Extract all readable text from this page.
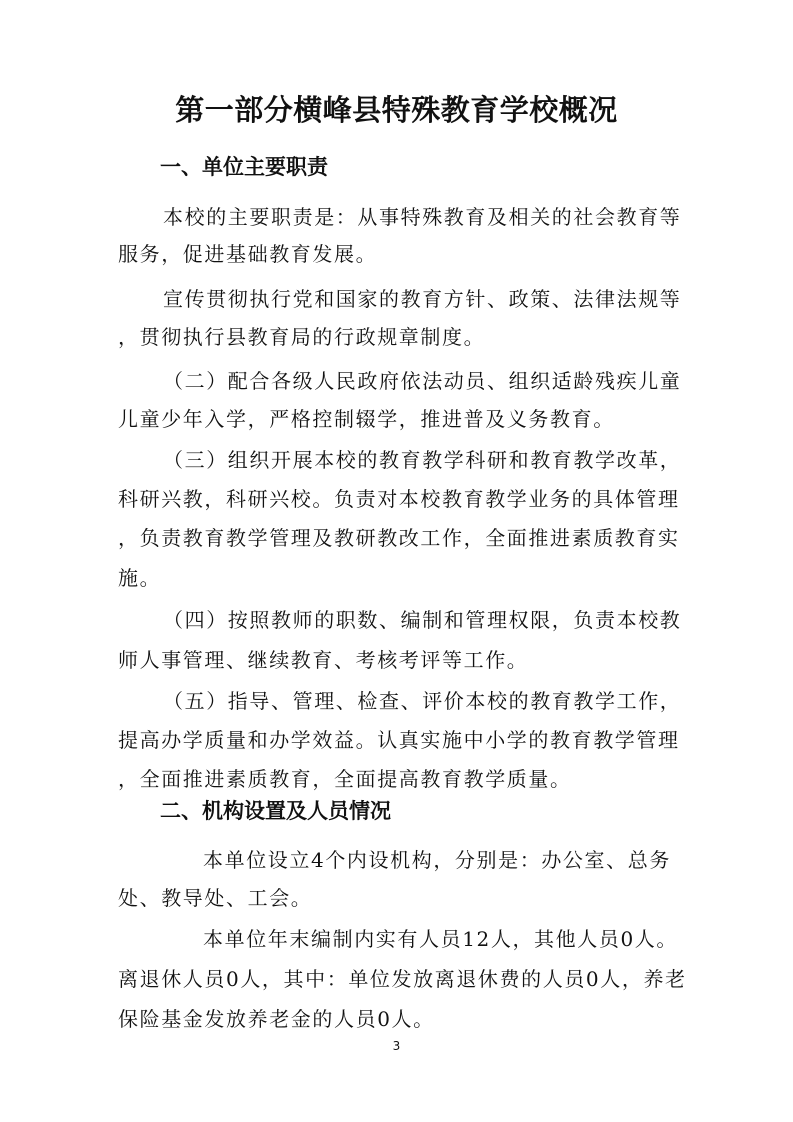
第一部分横峰县特殊教育学校概况
一、单位主要职责
本校的主要职责是：从事特殊教育及相关的社会教育等
服务，促进基础教育发展。
宣传贯彻执行党和国家的教育方针、政策、法律法规等
，贯彻执行县教育局的行政规章制度。
（二）配合各级人民政府依法动员、组织适龄残疾儿童
儿童少年入学，严格控制辍学，推进普及义务教育。
（三）组织开展本校的教育教学科研和教育教学改革，
科研兴教，科研兴校。负责对本校教育教学业务的具体管理
，负责教育教学管理及教研教改工作，全面推进素质教育实
施。
（四）按照教师的职数、编制和管理权限，负责本校教
师人事管理、继续教育、考核考评等工作。
（五）指导、管理、检查、评价本校的教育教学工作，
提高办学质量和办学效益。认真实施中小学的教育教学管理
，全面推进素质教育，全面提高教育教学质量。
二、机构设置及人员情况
本单位设立4个内设机构，分别是：办公室、总务
处、教导处、工会。
本单位年末编制内实有人员12人，其他人员0人。
离退休人员0人，其中：单位发放离退休费的人员0人，养老
保险基金发放养老金的人员0人。
3
